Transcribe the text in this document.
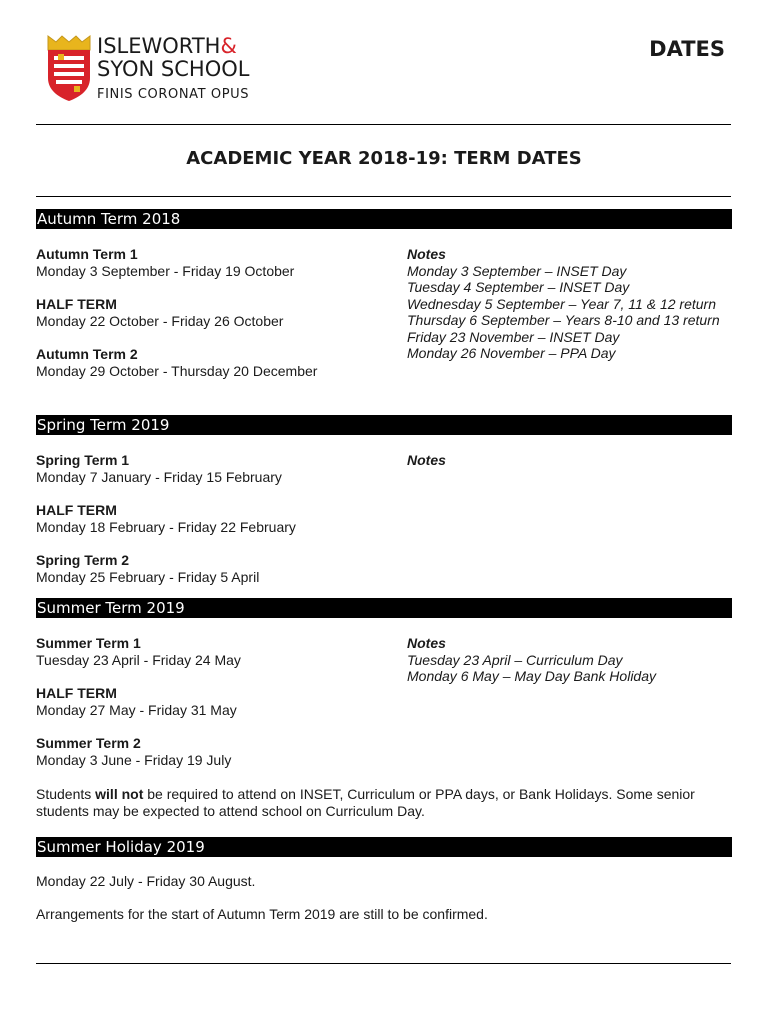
ISLEWORTH&
SYON SCHOOL
FINIS CORONAT OPUS
DATES
ACADEMIC YEAR 2018-19: TERM DATES
Autumn Term 2018
Autumn Term 1
Monday 3 September - Friday 19 October
HALF TERM
Monday 22 October - Friday 26 October
Autumn Term 2
Monday 29 October - Thursday 20 December
Notes
Monday 3 September – INSET Day
Tuesday 4 September – INSET Day
Wednesday 5 September – Year 7, 11 & 12 return
Thursday 6 September – Years 8-10 and 13 return
Friday 23 November – INSET Day
Monday 26 November – PPA Day
Spring Term 2019
Spring Term 1
Monday 7 January - Friday 15 February
HALF TERM
Monday 18 February - Friday 22 February
Spring Term 2
Monday 25 February - Friday 5 April
Notes
Summer Term 2019
Summer Term 1
Tuesday 23 April - Friday 24 May
HALF TERM
Monday 27 May - Friday 31 May
Summer Term 2
Monday 3 June - Friday 19 July
Notes
Tuesday 23 April – Curriculum Day
Monday 6 May – May Day Bank Holiday
Students will not be required to attend on INSET, Curriculum or PPA days, or Bank Holidays. Some senior students may be expected to attend school on Curriculum Day.
Summer Holiday 2019
Monday 22 July - Friday 30 August.
Arrangements for the start of Autumn Term 2019 are still to be confirmed.
